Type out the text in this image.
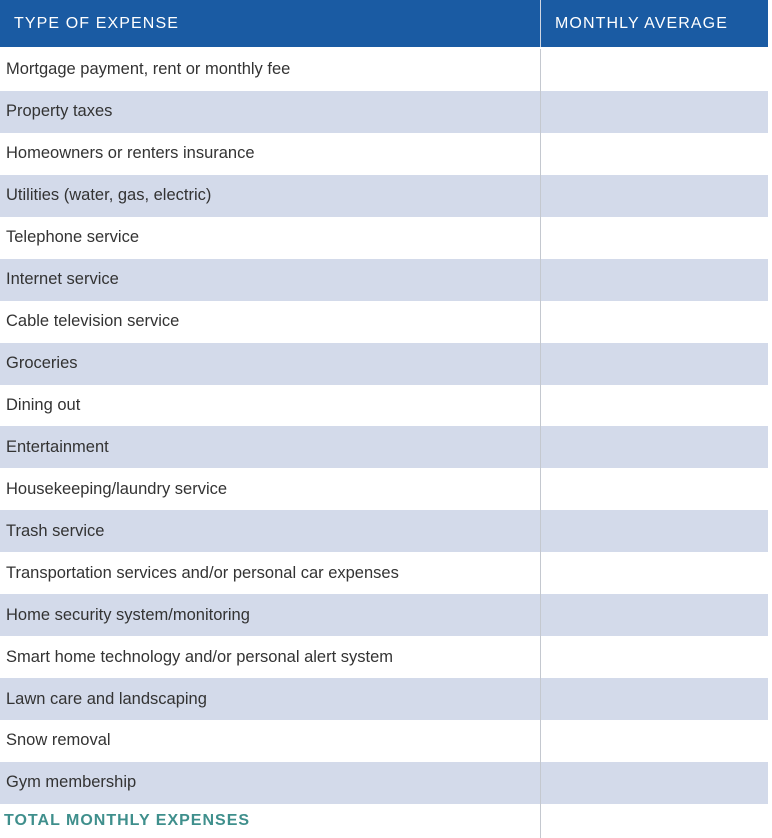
TYPE OF EXPENSE	MONTHLY AVERAGE
Mortgage payment, rent or monthly fee
Property taxes
Homeowners or renters insurance
Utilities (water, gas, electric)
Telephone service
Internet service
Cable television service
Groceries
Dining out
Entertainment
Housekeeping/laundry service
Trash service
Transportation services and/or personal car expenses
Home security system/monitoring
Smart home technology and/or personal alert system
Lawn care and landscaping
Snow removal
Gym membership
TOTAL MONTHLY EXPENSES
